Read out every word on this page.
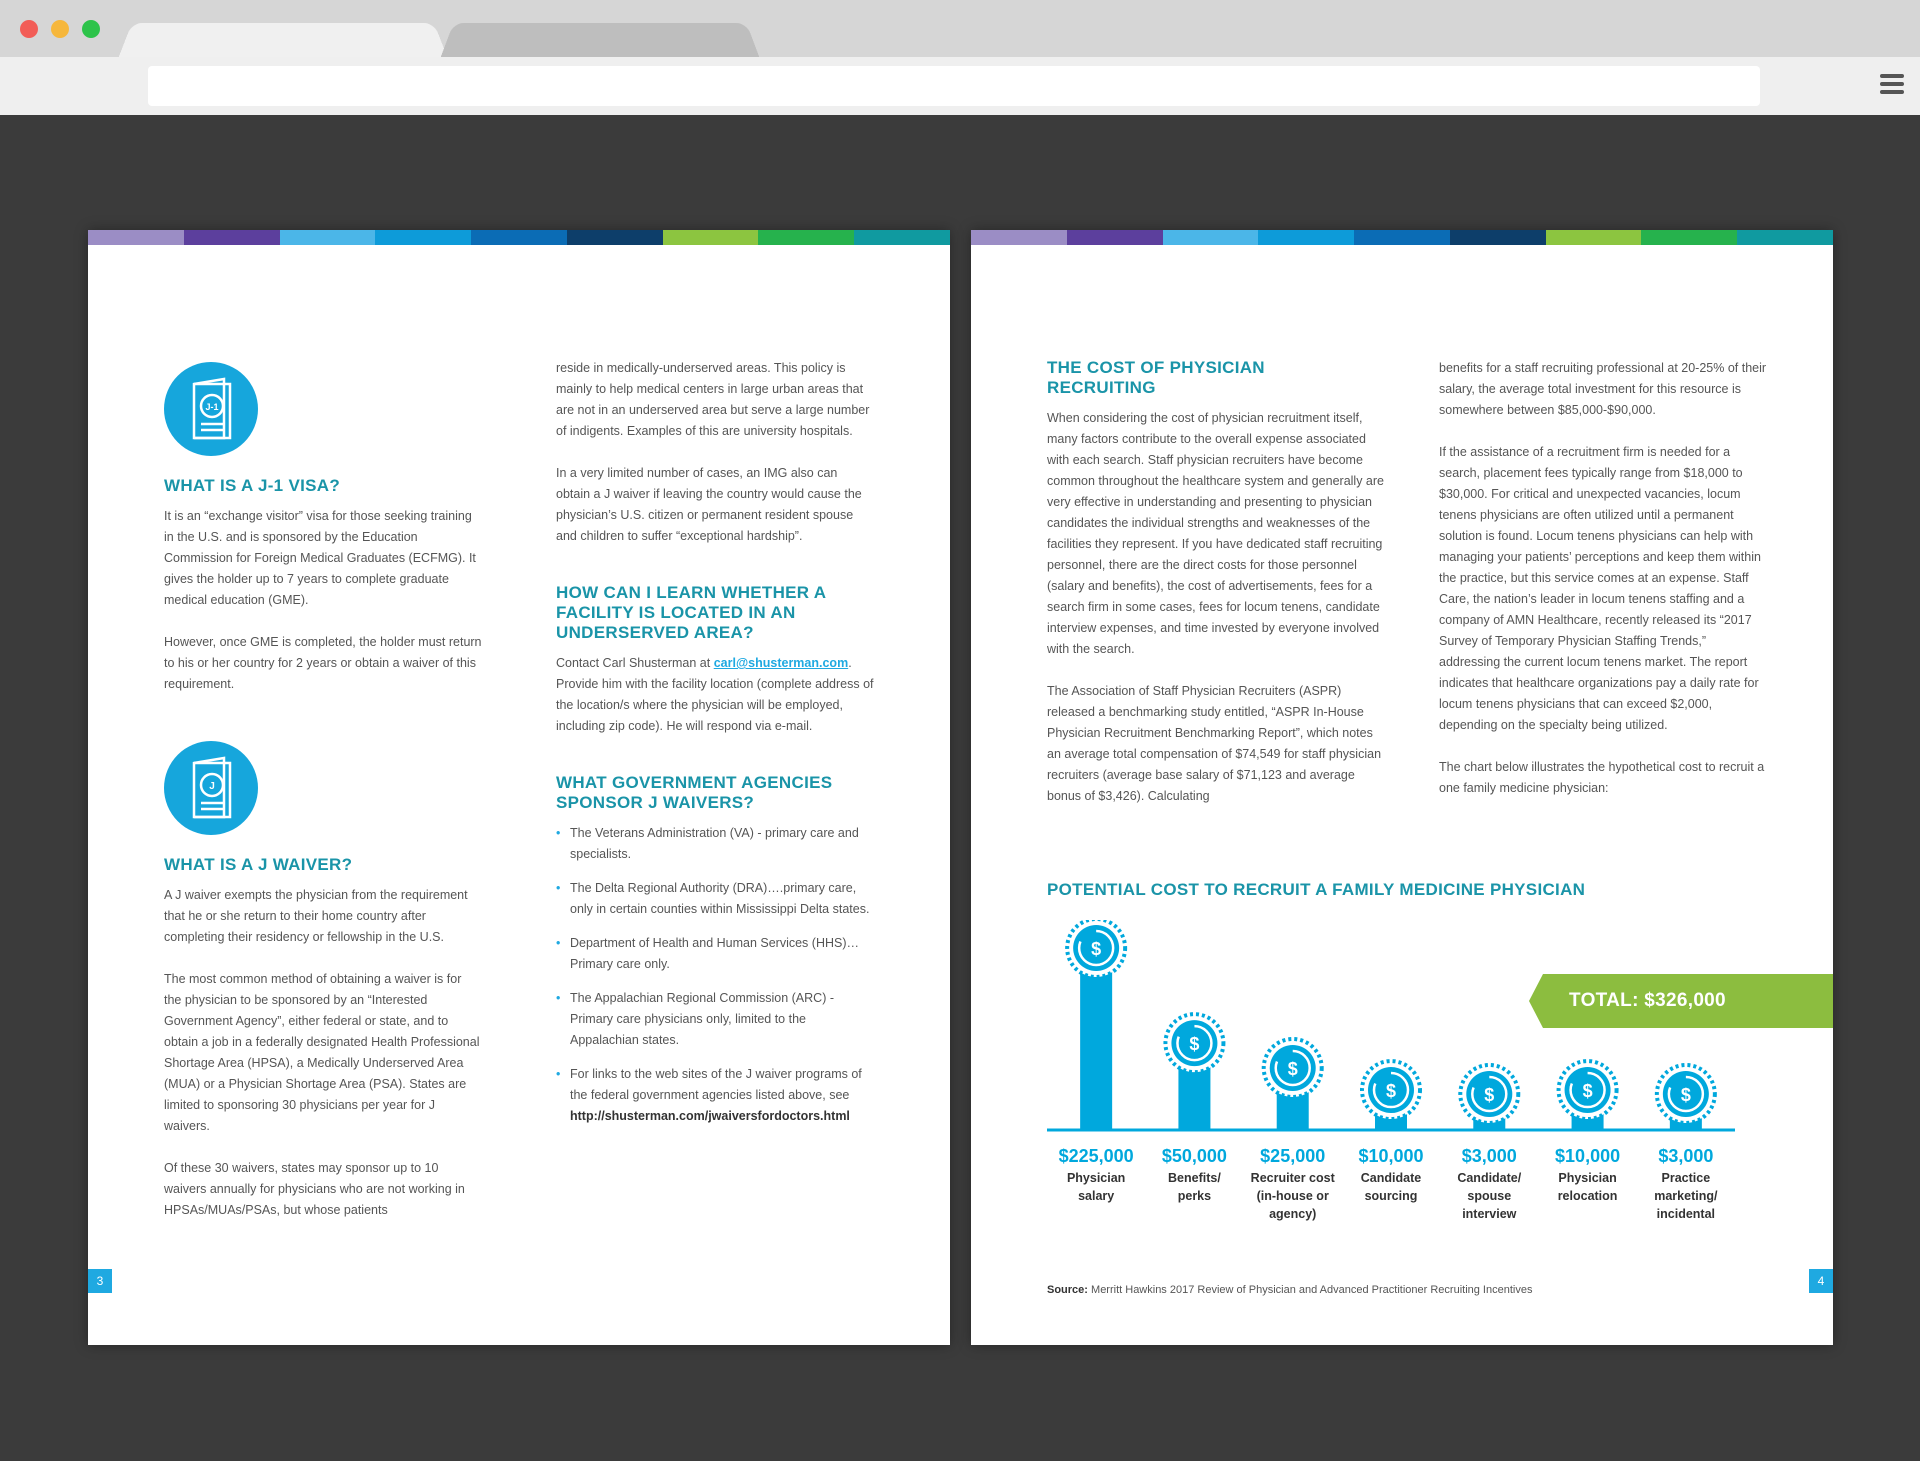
J-1
WHAT IS A J-1 VISA?

It is an “exchange visitor” visa for those seeking training in the U.S. and is sponsored by the Education Commission for Foreign Medical Graduates (ECFMG). It gives the holder up to 7 years to complete graduate medical education (GME).

However, once GME is completed, the holder must return to his or her country for 2 years or obtain a waiver of this requirement.

J
WHAT IS A J WAIVER?

A J waiver exempts the physician from the requirement that he or she return to their home country after completing their residency or fellowship in the U.S.

The most common method of obtaining a waiver is for the physician to be sponsored by an “Interested Government Agency”, either federal or state, and to obtain a job in a federally designated Health Professional Shortage Area (HPSA), a Medically Underserved Area (MUA) or a Physician Shortage Area (PSA). States are limited to sponsoring 30 physicians per year for J waivers.

Of these 30 waivers, states may sponsor up to 10 waivers annually for physicians who are not working in HPSAs/MUAs/PSAs, but whose patients

reside in medically-underserved areas. This policy is mainly to help medical centers in large urban areas that are not in an underserved area but serve a large number of indigents. Examples of this are university hospitals.

In a very limited number of cases, an IMG also can obtain a J waiver if leaving the country would cause the physician’s U.S. citizen or permanent resident spouse and children to suffer “exceptional hardship”.

HOW CAN I LEARN WHETHER A FACILITY IS LOCATED IN AN UNDERSERVED AREA?

Contact Carl Shusterman at carl@shusterman.com. Provide him with the facility location (complete address of the location/s where the physician will be employed, including zip code). He will respond via e-mail.

WHAT GOVERNMENT AGENCIES SPONSOR J WAIVERS?
• The Veterans Administration (VA) - primary care and specialists.
• The Delta Regional Authority (DRA)….primary care, only in certain counties within Mississippi Delta states.
• Department of Health and Human Services (HHS)… Primary care only.
• The Appalachian Regional Commission (ARC) - Primary care physicians only, limited to the Appalachian states.
• For links to the web sites of the J waiver programs of the federal government agencies listed above, see http://shusterman.com/jwaiversfordoctors.html
3
THE COST OF PHYSICIAN RECRUITING

When considering the cost of physician recruitment itself, many factors contribute to the overall expense associated with each search. Staff physician recruiters have become common throughout the healthcare system and generally are very effective in understanding and presenting to physician candidates the individual strengths and weaknesses of the facilities they represent. If you have dedicated staff recruiting personnel, there are the direct costs for those personnel (salary and benefits), the cost of advertisements, fees for a search firm in some cases, fees for locum tenens, candidate interview expenses, and time invested by everyone involved with the search.

The Association of Staff Physician Recruiters (ASPR) released a benchmarking study entitled, “ASPR In-House Physician Recruitment Benchmarking Report”, which notes an average total compensation of $74,549 for staff physician recruiters (average base salary of $71,123 and average bonus of $3,426). Calculating

benefits for a staff recruiting professional at 20-25% of their salary, the average total investment for this resource is somewhere between $85,000-$90,000.

If the assistance of a recruitment firm is needed for a search, placement fees typically range from $18,000 to $30,000. For critical and unexpected vacancies, locum tenens physicians are often utilized until a permanent solution is found. Locum tenens physicians can help with managing your patients’ perceptions and keep them within the practice, but this service comes at an expense. Staff Care, the nation’s leader in locum tenens staffing and a company of AMN Healthcare, recently released its “2017 Survey of Temporary Physician Staffing Trends,” addressing the current locum tenens market. The report indicates that healthcare organizations pay a daily rate for locum tenens physicians that can exceed $2,000, depending on the specialty being utilized.

The chart below illustrates the hypothetical cost to recruit a one family medicine physician:

POTENTIAL COST TO RECRUIT A FAMILY MEDICINE PHYSICIAN
TOTAL: $326,000
$
$225,000
Physician
salary
$
$50,000
Benefits/
perks
$
$25,000
Recruiter cost
(in-house or
agency)
$
$10,000
Candidate
sourcing
$
$3,000
Candidate/
spouse
interview
$
$10,000
Physician
relocation
$
$3,000
Practice
marketing/
incidental
Source: Merritt Hawkins 2017 Review of Physician and Advanced Practitioner Recruiting Incentives
4
